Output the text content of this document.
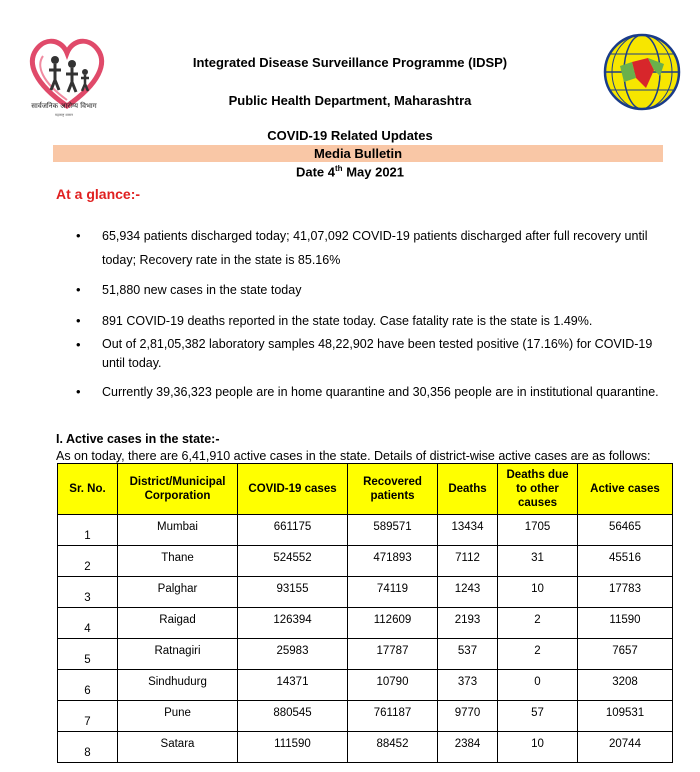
सार्वजनिक आरोग्य विभाग
महाराष्ट्र शासन
Integrated Disease Surveillance Programme (IDSP)
Public Health Department, Maharashtra
COVID-19 Related Updates
Media Bulletin
Date 4th May 2021
At a glance:-
• 65,934 patients discharged today; 41,07,092 COVID-19 patients discharged after full recovery until today; Recovery rate in the state is 85.16%
• 51,880 new cases in the state today
• 891 COVID-19 deaths reported in the state today. Case fatality rate is the state is 1.49%.
• Out of 2,81,05,382 laboratory samples 48,22,902 have been tested positive (17.16%) for COVID-19 until today.
• Currently 39,36,323 people are in home quarantine and 30,356 people are in institutional quarantine.
I. Active cases in the state:-
As on today, there are 6,41,910 active cases in the state. Details of district-wise active cases are as follows:
Sr. No.	District/Municipal Corporation	COVID-19 cases	Recovered patients	Deaths	Deaths due to other causes	Active cases
1	Mumbai	661175	589571	13434	1705	56465
2	Thane	524552	471893	7112	31	45516
3	Palghar	93155	74119	1243	10	17783
4	Raigad	126394	112609	2193	2	11590
5	Ratnagiri	25983	17787	537	2	7657
6	Sindhudurg	14371	10790	373	0	3208
7	Pune	880545	761187	9770	57	109531
8	Satara	111590	88452	2384	10	20744
